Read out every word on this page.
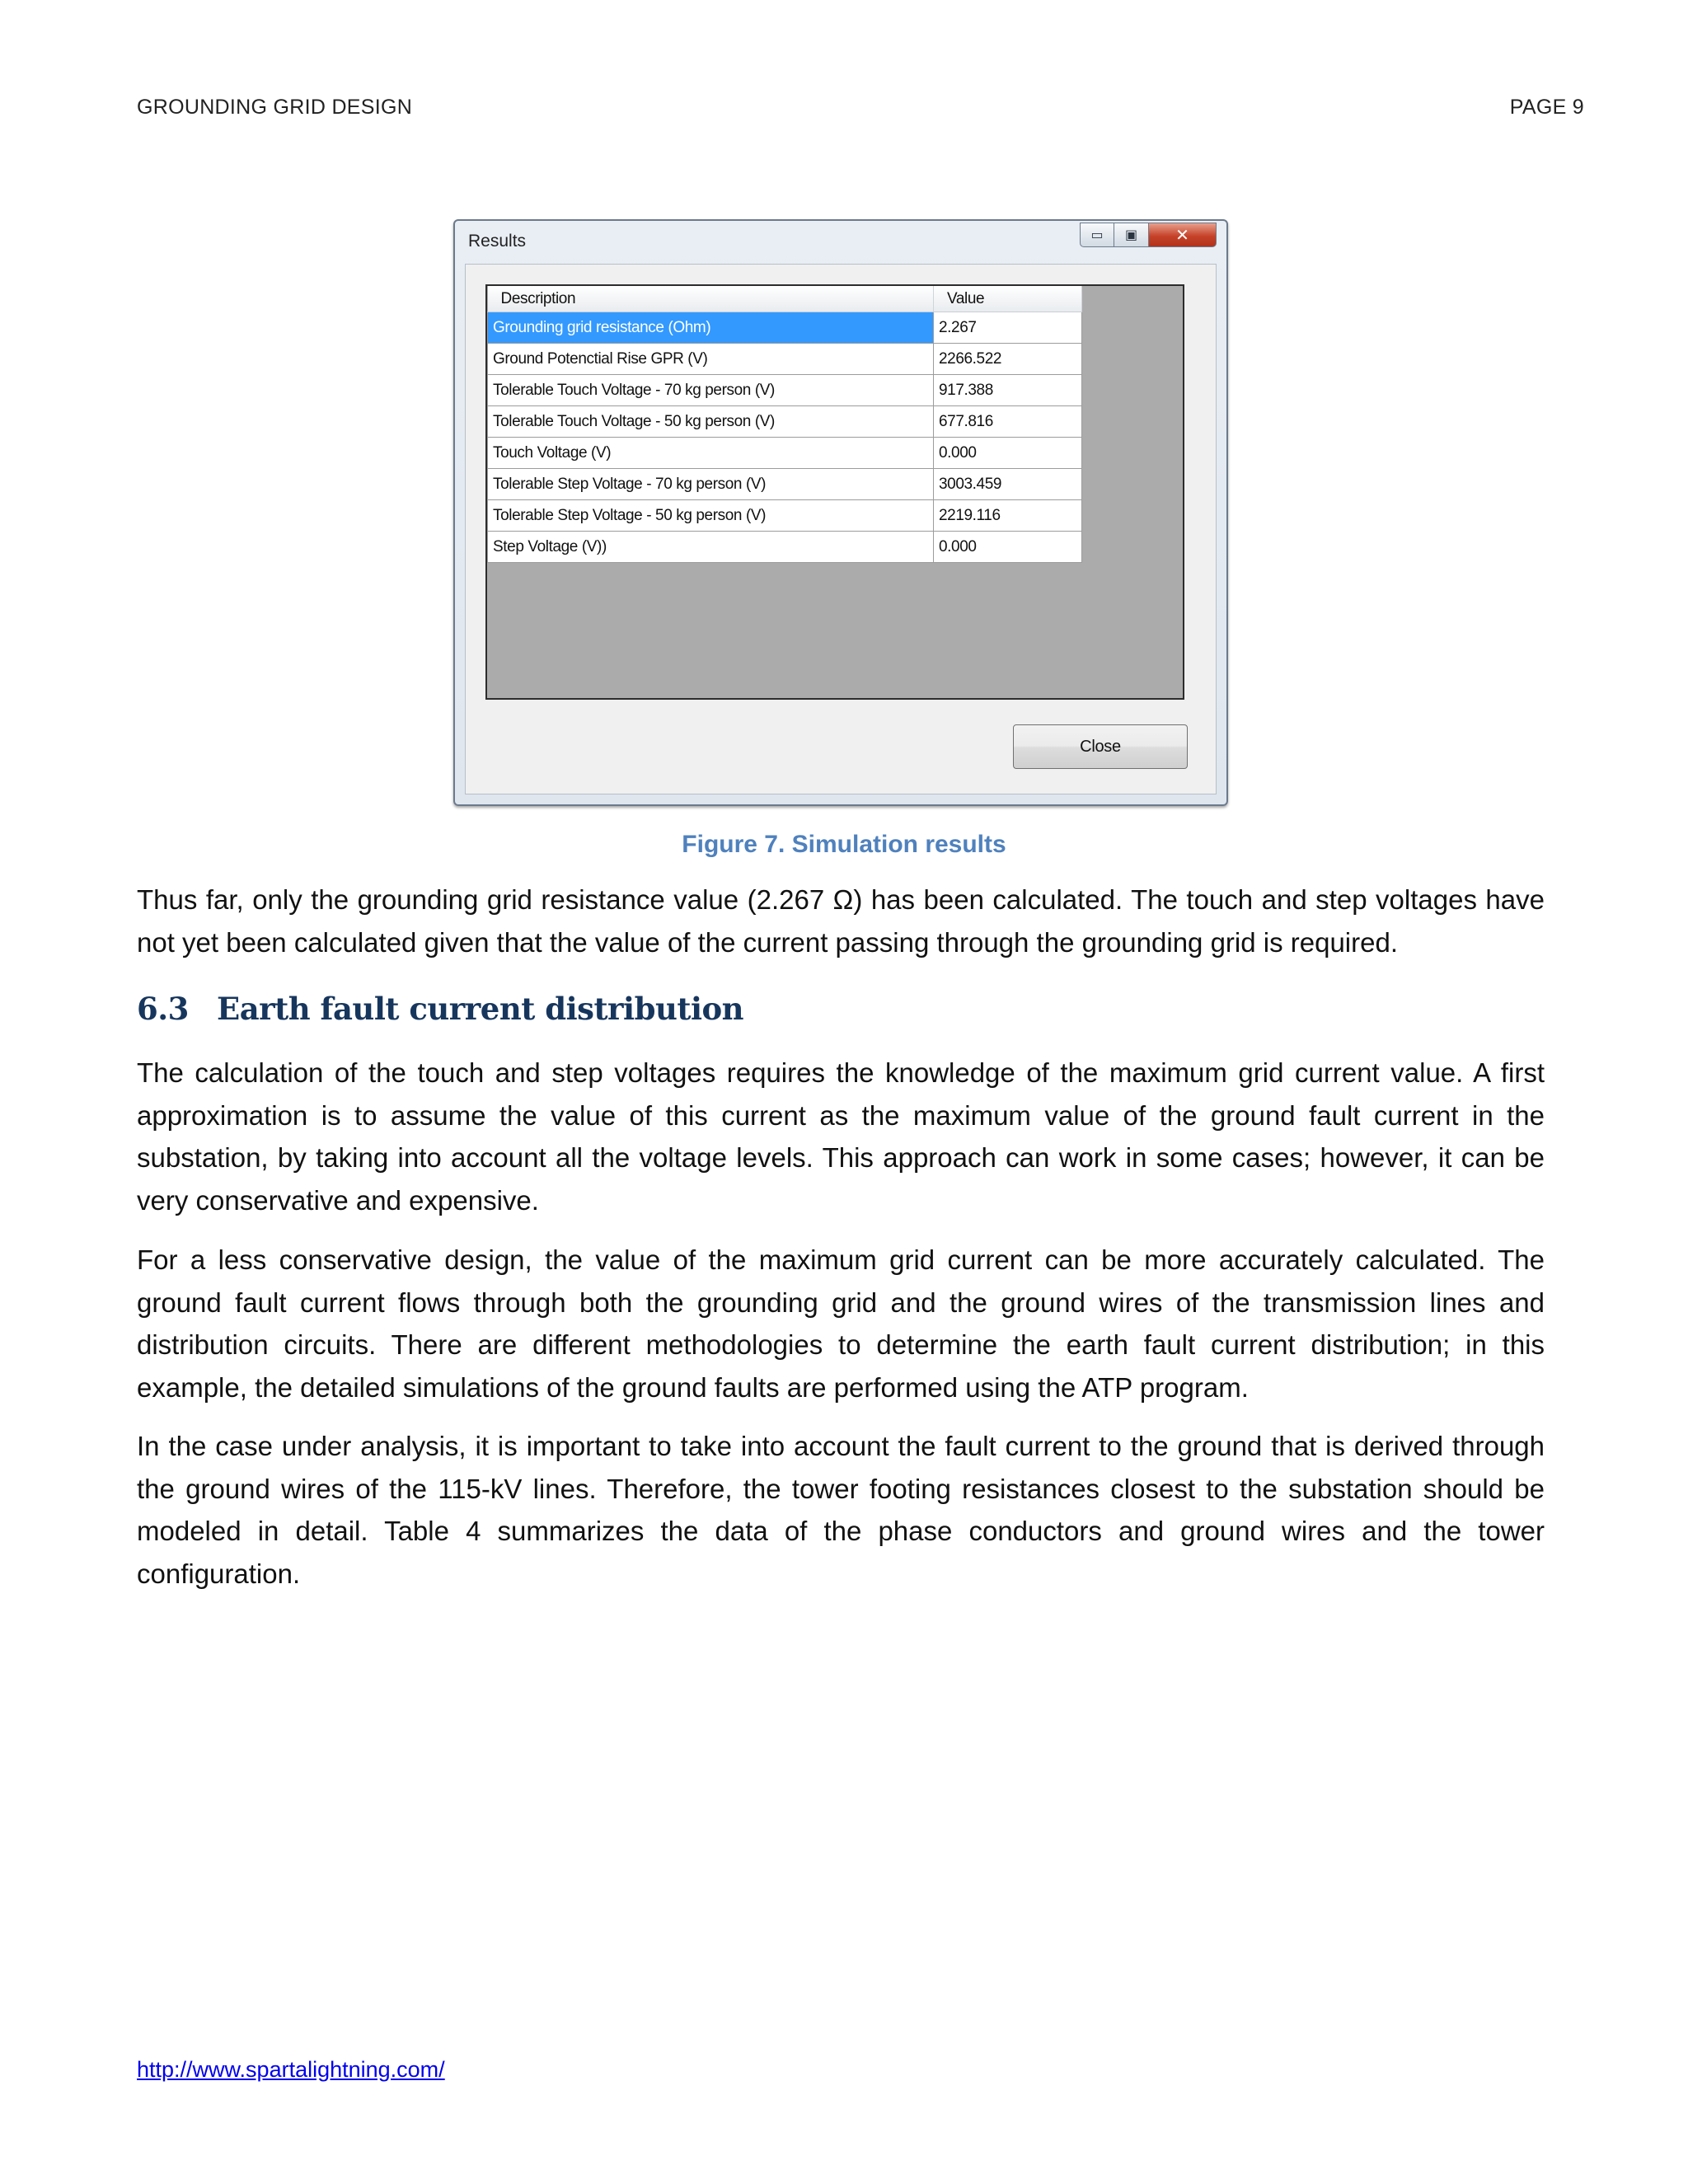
GROUNDING GRID DESIGN	PAGE 9
Results	▭ ▣ ✕
Description	Value
Grounding grid resistance (Ohm)	2.267
Ground Potenctial Rise GPR (V)	2266.522
Tolerable Touch Voltage - 70 kg person (V)	917.388
Tolerable Touch Voltage - 50 kg person (V)	677.816
Touch Voltage (V)	0.000
Tolerable Step Voltage - 70 kg person (V)	3003.459
Tolerable Step Voltage - 50 kg person (V)	2219.116
Step Voltage (V))	0.000
Close
Figure 7. Simulation results

Thus far, only the grounding grid resistance value (2.267 Ω) has been calculated. The touch and step voltages have not yet been calculated given that the value of the current passing through the grounding grid is required.

6.3 Earth fault current distribution

The calculation of the touch and step voltages requires the knowledge of the maximum grid current value. A first approximation is to assume the value of this current as the maximum value of the ground fault current in the substation, by taking into account all the voltage levels. This approach can work in some cases; however, it can be very conservative and expensive.

For a less conservative design, the value of the maximum grid current can be more accurately calculated. The ground fault current flows through both the grounding grid and the ground wires of the transmission lines and distribution circuits. There are different methodologies to determine the earth fault current distribution; in this example, the detailed simulations of the ground faults are performed using the ATP program.

In the case under analysis, it is important to take into account the fault current to the ground that is derived through the ground wires of the 115-kV lines. Therefore, the tower footing resistances closest to the substation should be modeled in detail. Table 4 summarizes the data of the phase conductors and ground wires and the tower configuration.

http://www.spartalightning.com/
